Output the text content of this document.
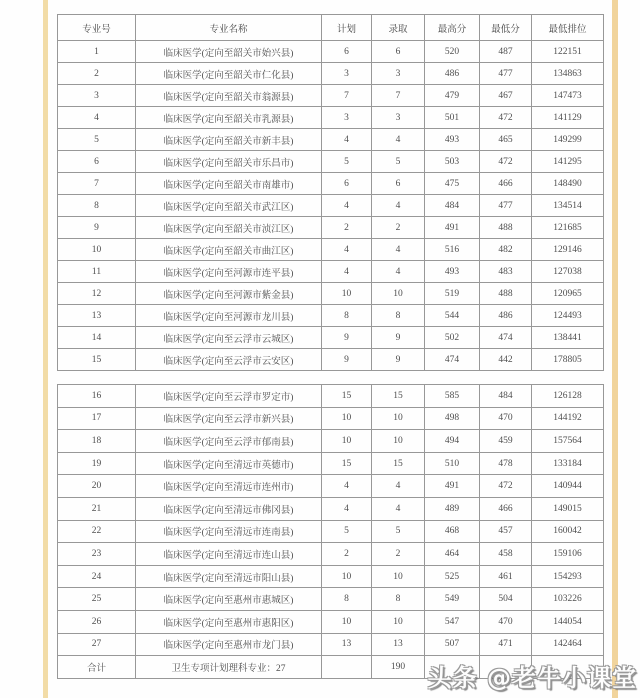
专业号	专业名称	计划	录取	最高分	最低分	最低排位
1	临床医学(定向至韶关市始兴县)	6	6	520	487	122151
2	临床医学(定向至韶关市仁化县)	3	3	486	477	134863
3	临床医学(定向至韶关市翁源县)	7	7	479	467	147473
4	临床医学(定向至韶关市乳源县)	3	3	501	472	141129
5	临床医学(定向至韶关市新丰县)	4	4	493	465	149299
6	临床医学(定向至韶关市乐昌市)	5	5	503	472	141295
7	临床医学(定向至韶关市南雄市)	6	6	475	466	148490
8	临床医学(定向至韶关市武江区)	4	4	484	477	134514
9	临床医学(定向至韶关市浈江区)	2	2	491	488	121685
10	临床医学(定向至韶关市曲江区)	4	4	516	482	129146
11	临床医学(定向至河源市连平县)	4	4	493	483	127038
12	临床医学(定向至河源市紫金县)	10	10	519	488	120965
13	临床医学(定向至河源市龙川县)	8	8	544	486	124493
14	临床医学(定向至云浮市云城区)	9	9	502	474	138441
15	临床医学(定向至云浮市云安区)	9	9	474	442	178805
16	临床医学(定向至云浮市罗定市)	15	15	585	484	126128
17	临床医学(定向至云浮市新兴县)	10	10	498	470	144192
18	临床医学(定向至云浮市郁南县)	10	10	494	459	157564
19	临床医学(定向至清远市英德市)	15	15	510	478	133184
20	临床医学(定向至清远市连州市)	4	4	491	472	140944
21	临床医学(定向至清远市佛冈县)	4	4	489	466	149015
22	临床医学(定向至清远市连南县)	5	5	468	457	160042
23	临床医学(定向至清远市连山县)	2	2	464	458	159106
24	临床医学(定向至清远市阳山县)	10	10	525	461	154293
25	临床医学(定向至惠州市惠城区)	8	8	549	504	103226
26	临床医学(定向至惠州市惠阳区)	10	10	547	470	144054
27	临床医学(定向至惠州市龙门县)	13	13	507	471	142464
合计	卫生专项计划理科专业：27		190			头条 @老牛小课堂
